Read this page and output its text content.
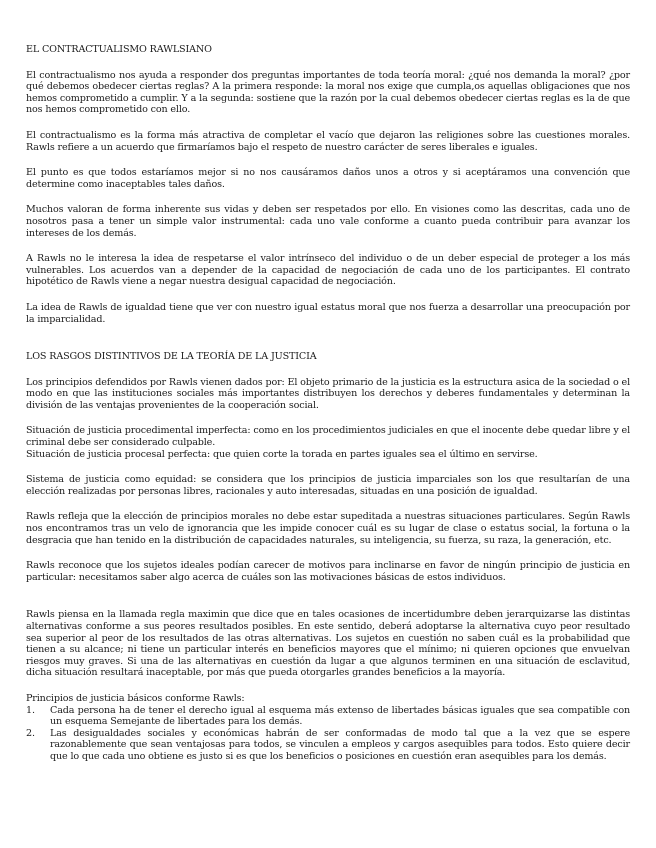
EL CONTRACTUALISMO RAWLSIANO

El contractualismo nos ayuda a responder dos preguntas importantes de toda teoría moral: ¿qué nos demanda la moral? ¿por qué debemos obedecer ciertas reglas? A la primera responde: la moral nos exige que cumpla,os aquellas obligaciones que nos hemos comprometido a cumplir. Y a la segunda: sostiene que la razón por la cual debemos obedecer ciertas reglas es la de que nos hemos comprometido con ello.

El contractualismo es la forma más atractiva de completar el vacío que dejaron las religiones sobre las cuestiones morales. Rawls refiere a un acuerdo que firmaríamos bajo el respeto de nuestro carácter de seres liberales e iguales.

El punto es que todos estaríamos mejor si no nos causáramos daños unos a otros y si aceptáramos una convención que determine como inaceptables tales daños.

Muchos valoran de forma inherente sus vidas y deben ser respetados por ello. En visiones como las descritas, cada uno de nosotros pasa a tener un simple valor instrumental: cada uno vale conforme a cuanto pueda contribuir para avanzar los intereses de los demás.

A Rawls no le interesa la idea de respetarse el valor intrínseco del individuo o de un deber especial de proteger a los más vulnerables. Los acuerdos van a depender de la capacidad de negociación de cada uno de los participantes. El contrato hipotético de Rawls viene a negar nuestra desigual capacidad de negociación.

La idea de Rawls de igualdad tiene que ver con nuestro igual estatus moral que nos fuerza a desarrollar una preocupación por la imparcialidad.

LOS RASGOS DISTINTIVOS DE LA TEORÍA DE LA JUSTICIA

Los principios defendidos por Rawls vienen dados por: El objeto primario de la justicia es la estructura asica de la sociedad o el modo en que las instituciones sociales más importantes distribuyen los derechos y deberes fundamentales y determinan la división de las ventajas provenientes de la cooperación social.

Situación de justicia procedimental imperfecta: como en los procedimientos judiciales en que el inocente debe quedar libre y el criminal debe ser considerado culpable.

Situación de justicia procesal perfecta: que quien corte la torada en partes iguales sea el último en servirse.

Sistema de justicia como equidad: se considera que los principios de justicia imparciales son los que resultarían de una elección realizadas por personas libres, racionales y auto interesadas, situadas en una posición de igualdad.

Rawls refleja que la elección de principios morales no debe estar supeditada a nuestras situaciones particulares. Según Rawls nos encontramos tras un velo de ignorancia que les impide conocer cuál es su lugar de clase o estatus social, la fortuna o la desgracia que han tenido en la distribución de capacidades naturales, su inteligencia, su fuerza, su raza, la generación, etc.

Rawls reconoce que los sujetos ideales podían carecer de motivos para inclinarse en favor de ningún principio de justicia en particular: necesitamos saber algo acerca de cuáles son las motivaciones básicas de estos individuos.

Rawls piensa en la llamada regla maximin que dice que en tales ocasiones de incertidumbre deben jerarquizarse las distintas alternativas conforme a sus peores resultados posibles. En este sentido, deberá adoptarse la alternativa cuyo peor resultado sea superior al peor de los resultados de las otras alternativas. Los sujetos en cuestión no saben cuál es la probabilidad que tienen a su alcance; ni tiene un particular interés en beneficios mayores que el mínimo; ni quieren opciones que envuelvan riesgos muy graves. Si una de las alternativas en cuestión da lugar a que algunos terminen en una situación de esclavitud, dicha situación resultará inaceptable, por más que pueda otorgarles grandes beneficios a la mayoría.

Principios de justicia básicos conforme Rawls:

1.	Cada persona ha de tener el derecho igual al esquema más extenso de libertades básicas iguales que sea compatible con un esquema Semejante de libertades para los demás.
2.	Las desigualdades sociales y económicas habrán de ser conformadas de modo tal que a la vez que se espere razonablemente que sean ventajosas para todos, se vinculen a empleos y cargos asequibles para todos. Esto quiere decir que lo que cada uno obtiene es justo si es que los beneficios o posiciones en cuestión eran asequibles para los demás.
